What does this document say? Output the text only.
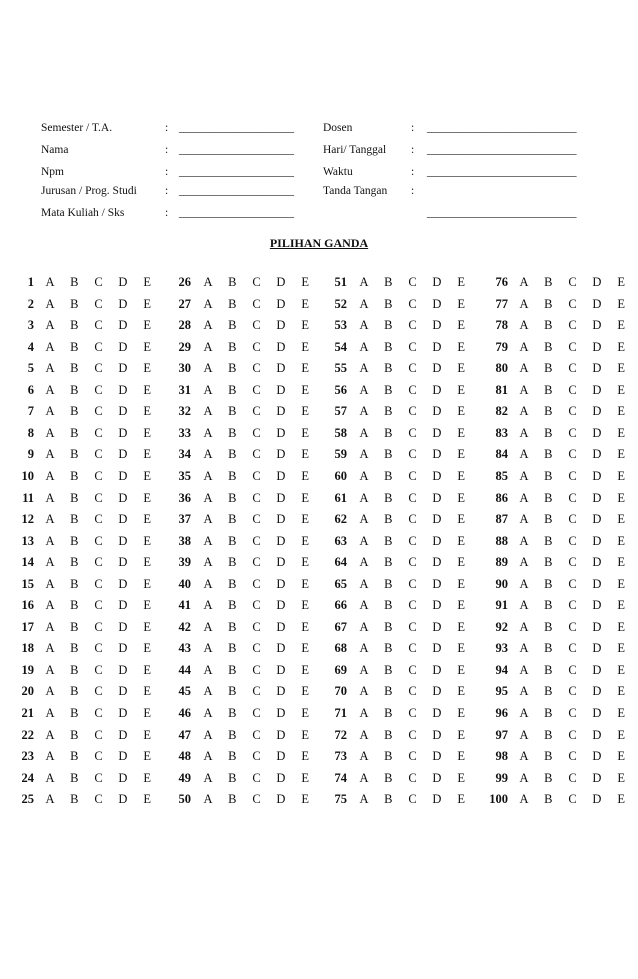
Semester / T.A.	: ____________________	Dosen	: __________________________
Nama	: ____________________	Hari/ Tanggal : __________________________
Npm	: ____________________	Waktu	: __________________________
Jurusan / Prog. Studi : ____________________	Tanda Tangan :
Mata Kuliah / Sks	: ____________________	__________________________
PILIHAN GANDA
1 A B C D E	26 A B C D E	51 A B C D E	76 A B C D E
2 A B C D E	27 A B C D E	52 A B C D E	77 A B C D E
3 A B C D E	28 A B C D E	53 A B C D E	78 A B C D E
4 A B C D E	29 A B C D E	54 A B C D E	79 A B C D E
5 A B C D E	30 A B C D E	55 A B C D E	80 A B C D E
6 A B C D E	31 A B C D E	56 A B C D E	81 A B C D E
7 A B C D E	32 A B C D E	57 A B C D E	82 A B C D E
8 A B C D E	33 A B C D E	58 A B C D E	83 A B C D E
9 A B C D E	34 A B C D E	59 A B C D E	84 A B C D E
10 A B C D E	35 A B C D E	60 A B C D E	85 A B C D E
11 A B C D E	36 A B C D E	61 A B C D E	86 A B C D E
12 A B C D E	37 A B C D E	62 A B C D E	87 A B C D E
13 A B C D E	38 A B C D E	63 A B C D E	88 A B C D E
14 A B C D E	39 A B C D E	64 A B C D E	89 A B C D E
15 A B C D E	40 A B C D E	65 A B C D E	90 A B C D E
16 A B C D E	41 A B C D E	66 A B C D E	91 A B C D E
17 A B C D E	42 A B C D E	67 A B C D E	92 A B C D E
18 A B C D E	43 A B C D E	68 A B C D E	93 A B C D E
19 A B C D E	44 A B C D E	69 A B C D E	94 A B C D E
20 A B C D E	45 A B C D E	70 A B C D E	95 A B C D E
21 A B C D E	46 A B C D E	71 A B C D E	96 A B C D E
22 A B C D E	47 A B C D E	72 A B C D E	97 A B C D E
23 A B C D E	48 A B C D E	73 A B C D E	98 A B C D E
24 A B C D E	49 A B C D E	74 A B C D E	99 A B C D E
25 A B C D E	50 A B C D E	75 A B C D E	100 A B C D E
